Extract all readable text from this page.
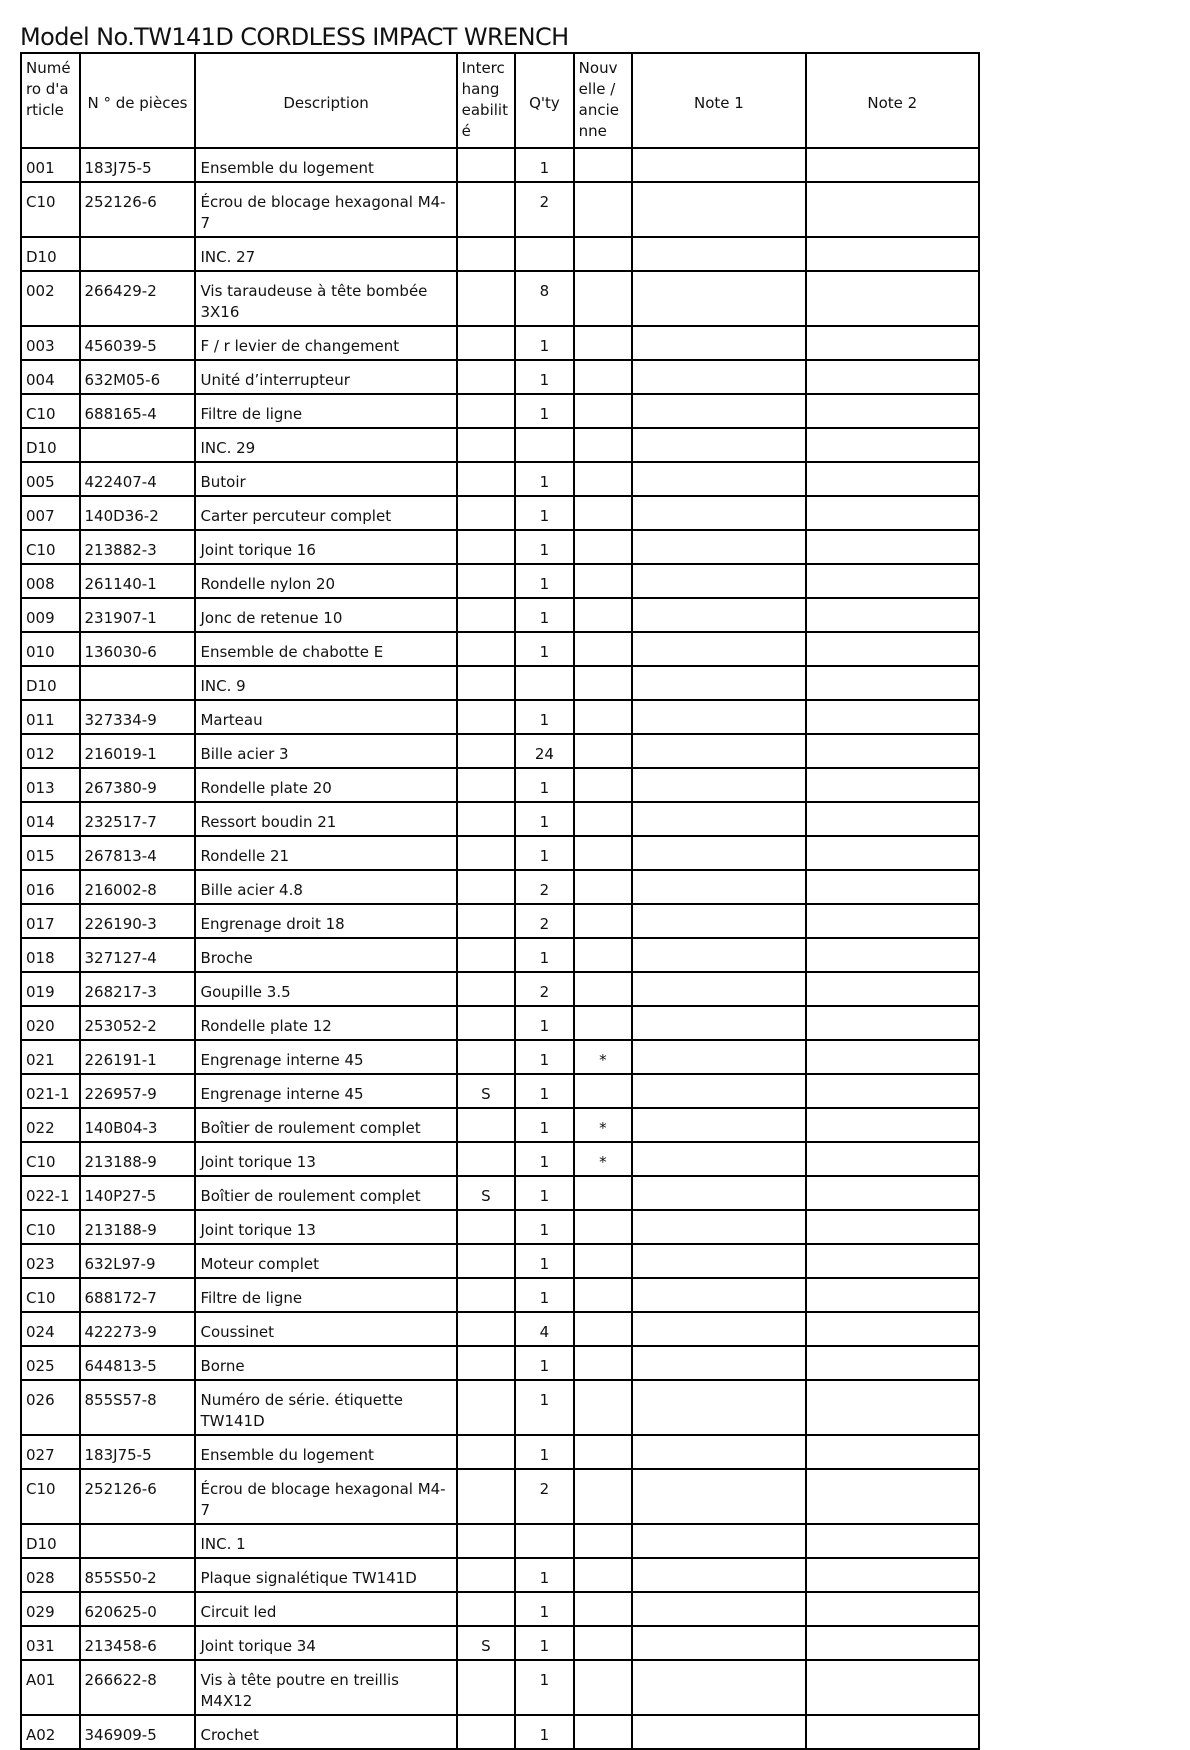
Model No.TW141D CORDLESS IMPACT WRENCH
Numé ro d'a rticle	N ° de pièces	Description	Interc hang eabilit é	Q'ty	Nouv elle / ancie nne	Note 1	Note 2
001	183J75-5	Ensemble du logement		1			
C10	252126-6	Écrou de blocage hexagonal M4-7		2			
D10		INC. 27					
002	266429-2	Vis taraudeuse à tête bombée 3X16		8			
003	456039-5	F / r levier de changement		1			
004	632M05-6	Unité d’interrupteur		1			
C10	688165-4	Filtre de ligne		1			
D10		INC. 29					
005	422407-4	Butoir		1			
007	140D36-2	Carter percuteur complet		1			
C10	213882-3	Joint torique 16		1			
008	261140-1	Rondelle nylon 20		1			
009	231907-1	Jonc de retenue 10		1			
010	136030-6	Ensemble de chabotte E		1			
D10		INC. 9					
011	327334-9	Marteau		1			
012	216019-1	Bille acier 3		24			
013	267380-9	Rondelle plate 20		1			
014	232517-7	Ressort boudin 21		1			
015	267813-4	Rondelle 21		1			
016	216002-8	Bille acier 4.8		2			
017	226190-3	Engrenage droit 18		2			
018	327127-4	Broche		1			
019	268217-3	Goupille 3.5		2			
020	253052-2	Rondelle plate 12		1			
021	226191-1	Engrenage interne 45		1	*		
021-1	226957-9	Engrenage interne 45	S	1			
022	140B04-3	Boîtier de roulement complet		1	*		
C10	213188-9	Joint torique 13		1	*		
022-1	140P27-5	Boîtier de roulement complet	S	1			
C10	213188-9	Joint torique 13		1			
023	632L97-9	Moteur complet		1			
C10	688172-7	Filtre de ligne		1			
024	422273-9	Coussinet		4			
025	644813-5	Borne		1			
026	855S57-8	Numéro de série. étiquette TW141D		1			
027	183J75-5	Ensemble du logement		1			
C10	252126-6	Écrou de blocage hexagonal M4-7		2			
D10		INC. 1					
028	855S50-2	Plaque signalétique TW141D		1			
029	620625-0	Circuit led		1			
031	213458-6	Joint torique 34	S	1			
A01	266622-8	Vis à tête poutre en treillis M4X12		1			
A02	346909-5	Crochet		1			
